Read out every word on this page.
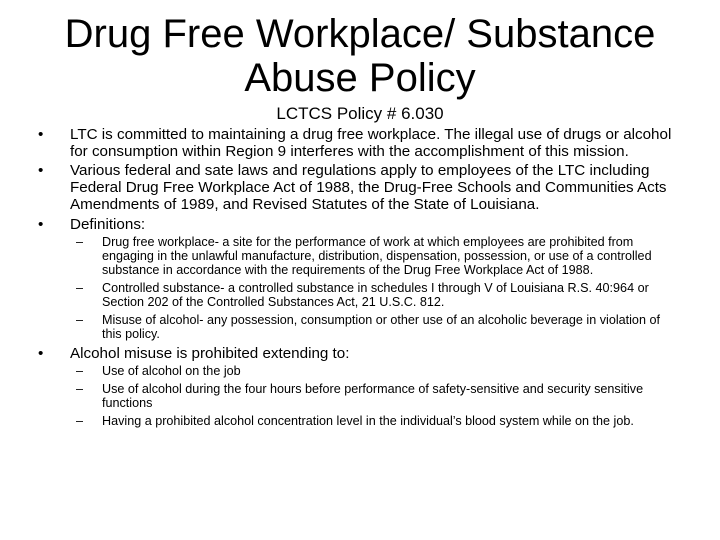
Drug Free Workplace/ Substance Abuse Policy
LCTCS Policy # 6.030
•	LTC is committed to maintaining a drug free workplace. The illegal use of drugs or alcohol for consumption within Region 9 interferes with the accomplishment of this mission.
•	Various federal and sate laws and regulations apply to employees of the LTC including Federal Drug Free Workplace Act of 1988, the Drug-Free Schools and Communities Acts Amendments of 1989, and Revised Statutes of the State of Louisiana.
•	Definitions:
– Drug free workplace- a site for the performance of work at which employees are prohibited from engaging in the unlawful manufacture, distribution, dispensation, possession, or use of a controlled substance in accordance with the requirements of the Drug Free Workplace Act of 1988.
– Controlled substance- a controlled substance in schedules I through V of Louisiana R.S. 40:964 or Section 202 of the Controlled Substances Act, 21 U.S.C. 812.
– Misuse of alcohol- any possession, consumption or other use of an alcoholic beverage in violation of this policy.
•	Alcohol misuse is prohibited extending to:
– Use of alcohol on the job
– Use of alcohol during the four hours before performance of safety-sensitive and security sensitive functions
– Having a prohibited alcohol concentration level in the individual’s blood system while on the job.
